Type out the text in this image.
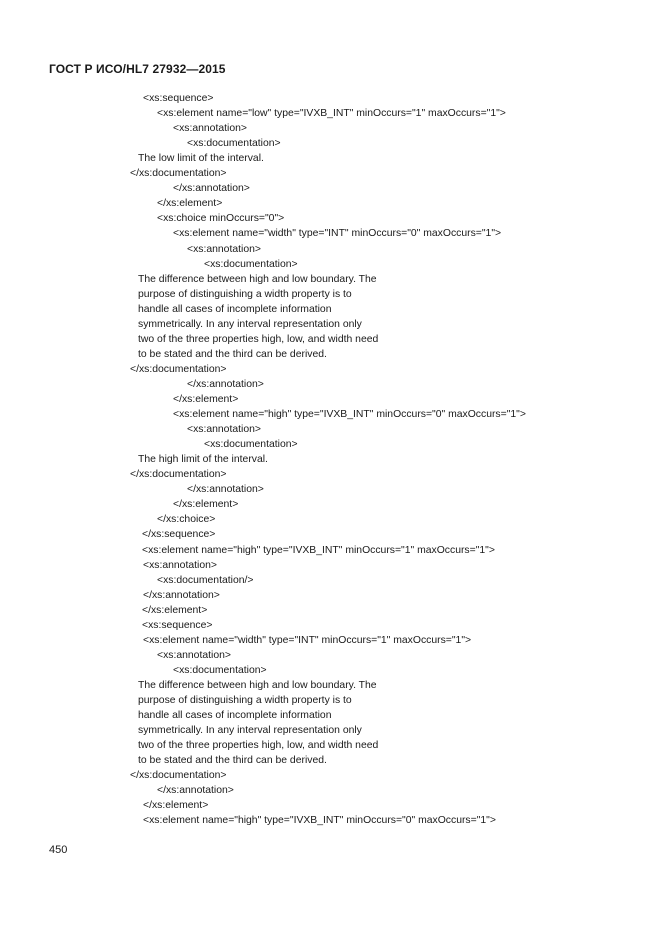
ГОСТ Р ИСО/HL7 27932—2015
<xs:sequence>
<xs:element name="low" type="IVXB_INT" minOccurs="1" maxOccurs="1">
<xs:annotation>
<xs:documentation>
The low limit of the interval.
</xs:documentation>
</xs:annotation>
</xs:element>
<xs:choice minOccurs="0">
<xs:element name="width" type="INT" minOccurs="0" maxOccurs="1">
<xs:annotation>
<xs:documentation>
The difference between high and low boundary. The
purpose of distinguishing a width property is to
handle all cases of incomplete information
symmetrically. In any interval representation only
two of the three properties high, low, and width need
to be stated and the third can be derived.
</xs:documentation>
</xs:annotation>
</xs:element>
<xs:element name="high" type="IVXB_INT" minOccurs="0" maxOccurs="1">
<xs:annotation>
<xs:documentation>
The high limit of the interval.
</xs:documentation>
</xs:annotation>
</xs:element>
</xs:choice>
</xs:sequence>
<xs:element name="high" type="IVXB_INT" minOccurs="1" maxOccurs="1">
<xs:annotation>
<xs:documentation/>
</xs:annotation>
</xs:element>
<xs:sequence>
<xs:element name="width" type="INT" minOccurs="1" maxOccurs="1">
<xs:annotation>
<xs:documentation>
The difference between high and low boundary. The
purpose of distinguishing a width property is to
handle all cases of incomplete information
symmetrically. In any interval representation only
two of the three properties high, low, and width need
to be stated and the third can be derived.
</xs:documentation>
</xs:annotation>
</xs:element>
<xs:element name="high" type="IVXB_INT" minOccurs="0" maxOccurs="1">
450
